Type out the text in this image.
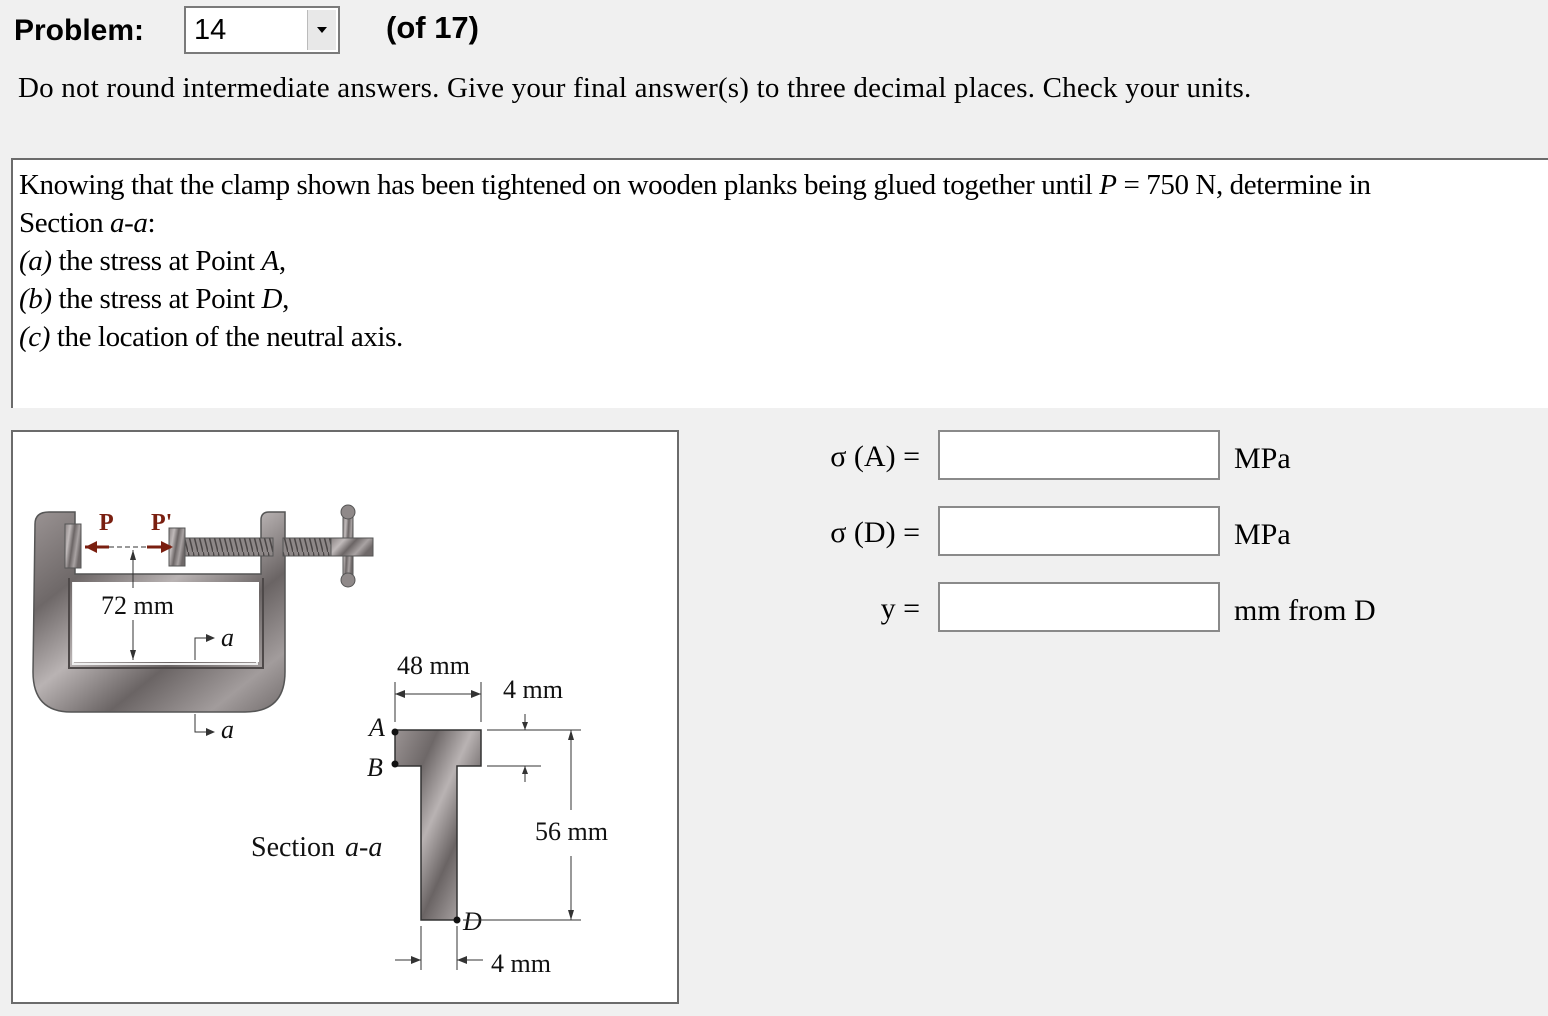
Problem:	14	(of 17)
Do not round intermediate answers. Give your final answer(s) to three decimal places. Check your units.
Knowing that the clamp shown has been tightened on wooden planks being glued together until P = 750 N, determine in
Section a-a:
(a) the stress at Point A,
(b) the stress at Point D,
(c) the location of the neutral axis.
P P'
72 mm
a
a	A
B
D
48 mm
4 mm
56 mm
4 mm
Section a-a
σ (A) =	MPa
σ (D) =	MPa
y =	mm from D
